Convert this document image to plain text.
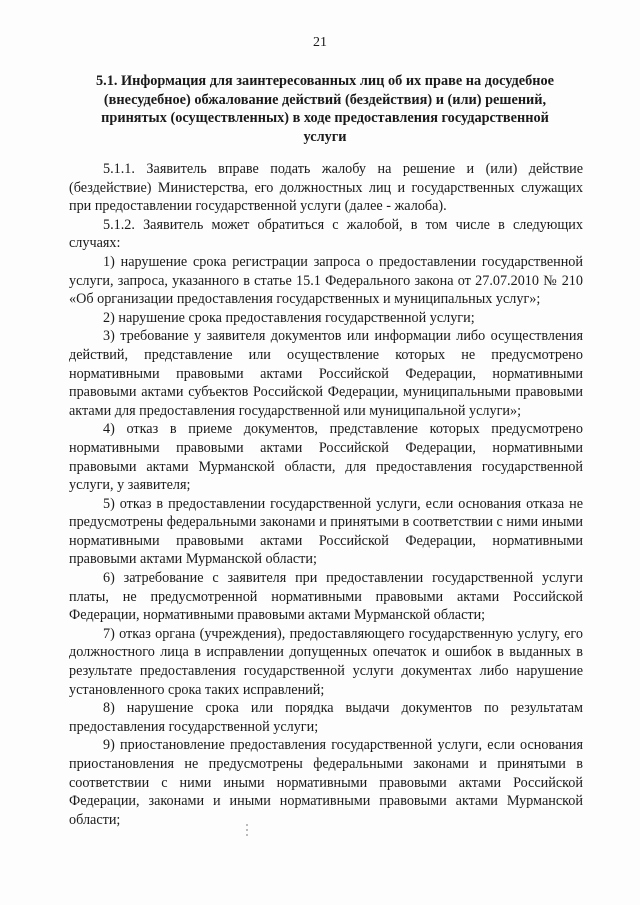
21
5.1. Информация для заинтересованных лиц об их праве на досудебное (внесудебное) обжалование действий (бездействия) и (или) решений, принятых (осуществленных) в ходе предоставления государственной услуги

5.1.1. Заявитель вправе подать жалобу на решение и (или) действие (бездействие) Министерства, его должностных лиц и государственных служащих при предоставлении государственной услуги (далее - жалоба).

5.1.2. Заявитель может обратиться с жалобой, в том числе в следующих случаях:

1) нарушение срока регистрации запроса о предоставлении государственной услуги, запроса, указанного в статье 15.1 Федерального закона от 27.07.2010 № 210 «Об организации предоставления государственных и муниципальных услуг»;

2) нарушение срока предоставления государственной услуги;

3) требование у заявителя документов или информации либо осуществления действий, представление или осуществление которых не предусмотрено нормативными правовыми актами Российской Федерации, нормативными правовыми актами субъектов Российской Федерации, муниципальными правовыми актами для предоставления государственной или муниципальной услуги»;

4) отказ в приеме документов, представление которых предусмотрено нормативными правовыми актами Российской Федерации, нормативными правовыми актами Мурманской области, для предоставления государственной услуги, у заявителя;

5) отказ в предоставлении государственной услуги, если основания отказа не предусмотрены федеральными законами и принятыми в соответствии с ними иными нормативными правовыми актами Российской Федерации, нормативными правовыми актами Мурманской области;

6) затребование с заявителя при предоставлении государственной услуги платы, не предусмотренной нормативными правовыми актами Российской Федерации, нормативными правовыми актами Мурманской области;

7) отказ органа (учреждения), предоставляющего государственную услугу, его должностного лица в исправлении допущенных опечаток и ошибок в выданных в результате предоставления государственной услуги документах либо нарушение установленного срока таких исправлений;

8) нарушение срока или порядка выдачи документов по результатам предоставления государственной услуги;

9) приостановление предоставления государственной услуги, если основания приостановления не предусмотрены федеральными законами и принятыми в соответствии с ними иными нормативными правовыми актами Российской Федерации, законами и иными нормативными правовыми актами Мурманской области;
